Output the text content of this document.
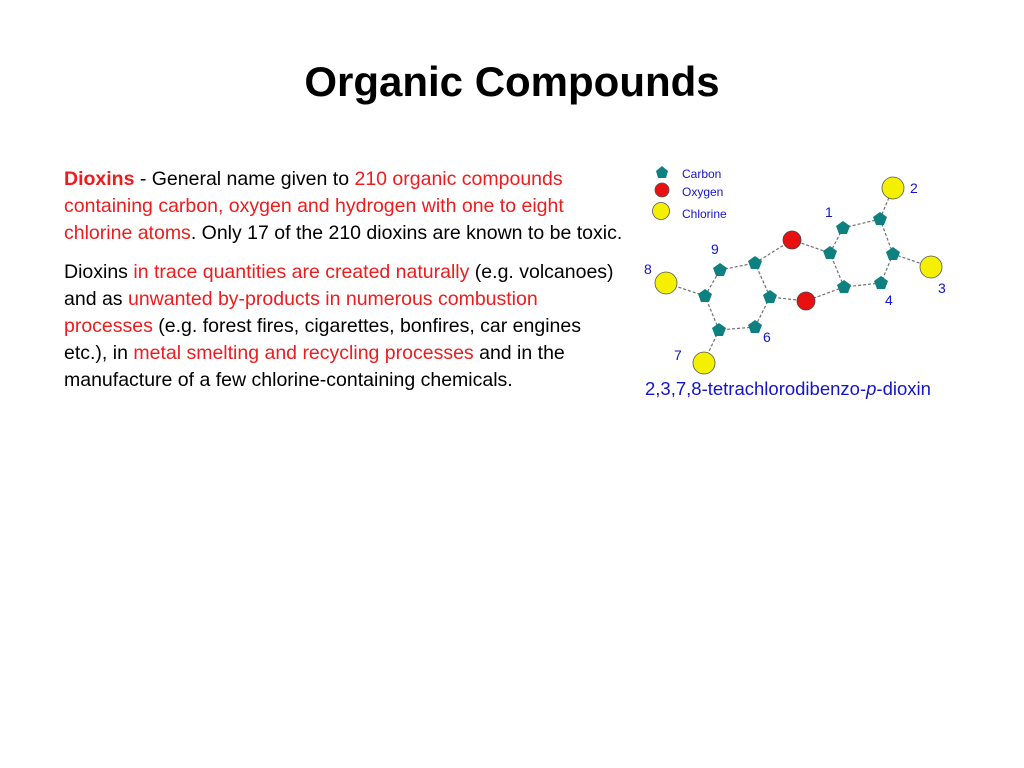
Organic Compounds

Dioxins - General name given to 210 organic compounds containing carbon, oxygen and hydrogen with one to eight chlorine atoms. Only 17 of the 210 dioxins are known to be toxic.

Dioxins in trace quantities are created naturally (e.g. volcanoes) and as unwanted by-products in numerous combustion processes (e.g. forest fires, cigarettes, bonfires, car engines etc.), in metal smelting and recycling processes and in the manufacture of a few chlorine-containing chemicals.

Carbon
Oxygen
Chlorine	1
2
3
4
6
7
8
9
2,3,7,8-tetrachlorodibenzo-p-dioxin
